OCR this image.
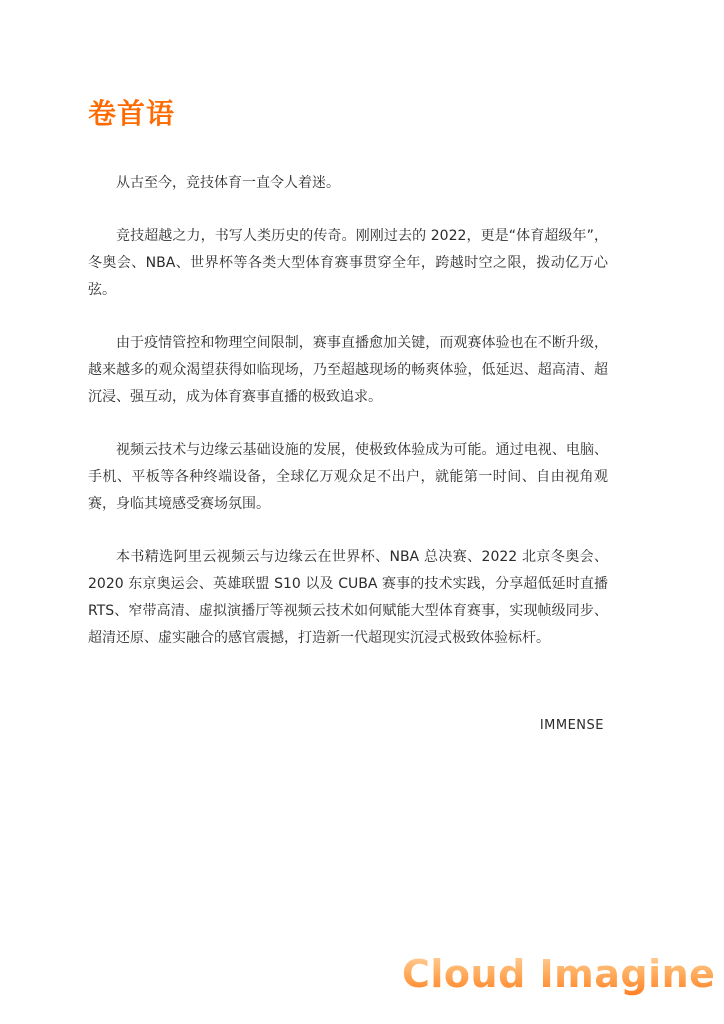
卷首语

从古至今，竞技体育一直令人着迷。

竞技超越之力，书写人类历史的传奇。刚刚过去的 2022，更是“体育超级年”，冬奥会、NBA、世界杯等各类大型体育赛事贯穿全年，跨越时空之限，拨动亿万心弦。

由于疫情管控和物理空间限制，赛事直播愈加关键，而观赛体验也在不断升级，越来越多的观众渴望获得如临现场，乃至超越现场的畅爽体验，低延迟、超高清、超沉浸、强互动，成为体育赛事直播的极致追求。

视频云技术与边缘云基础设施的发展，使极致体验成为可能。通过电视、电脑、手机、平板等各种终端设备，全球亿万观众足不出户，就能第一时间、自由视角观赛，身临其境感受赛场氛围。

本书精选阿里云视频云与边缘云在世界杯、NBA 总决赛、2022 北京冬奥会、2020 东京奥运会、英雄联盟 S10 以及 CUBA 赛事的技术实践，分享超低延时直播 RTS、窄带高清、虚拟演播厅等视频云技术如何赋能大型体育赛事，实现帧级同步、超清还原、虚实融合的感官震撼，打造新一代超现实沉浸式极致体验标杆。

IMMENSE
Cloud Imagine
